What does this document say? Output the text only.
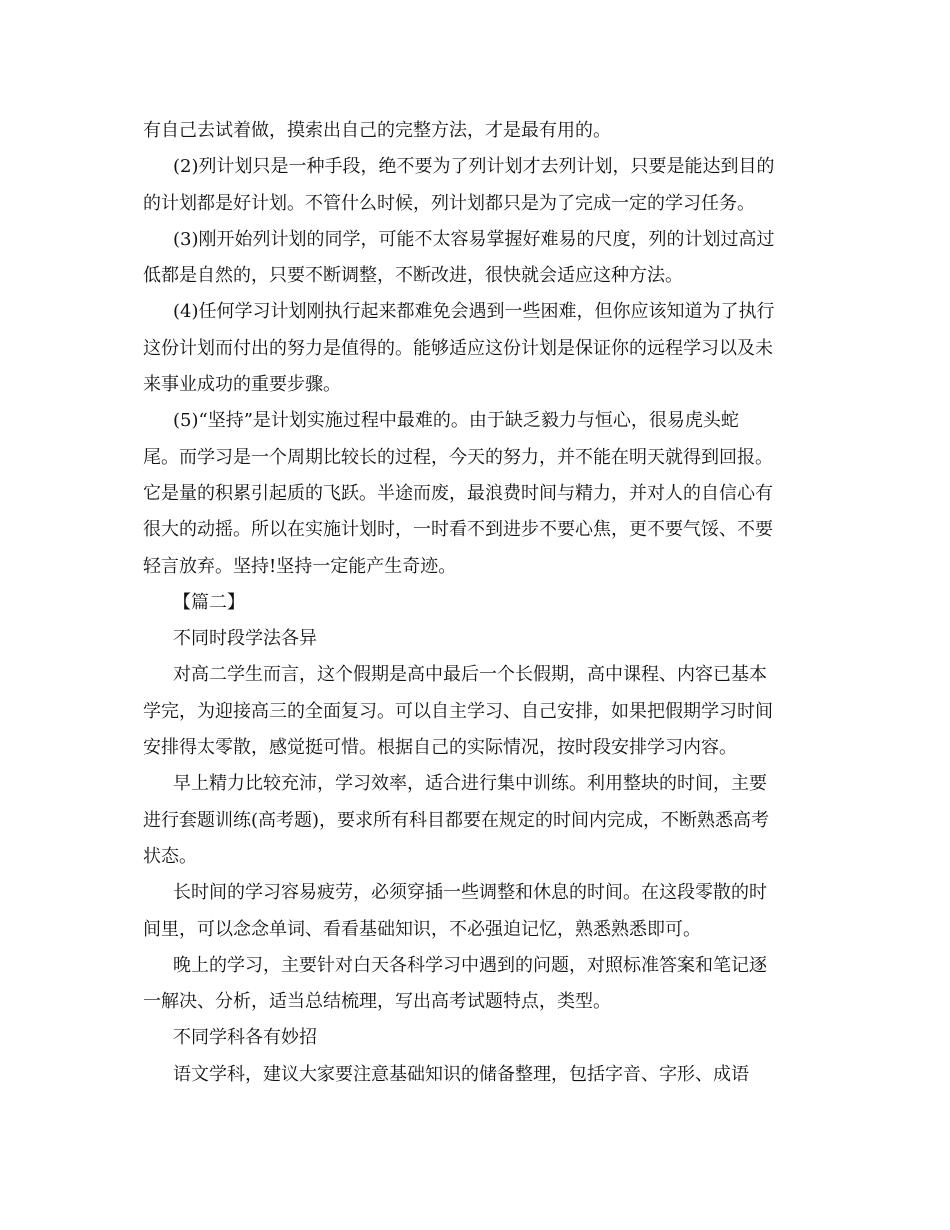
有自己去试着做，摸索出自己的完整方法，才是最有用的。
(2)列计划只是一种手段，绝不要为了列计划才去列计划，只要是能达到目的
的计划都是好计划。不管什么时候，列计划都只是为了完成一定的学习任务。
(3)刚开始列计划的同学，可能不太容易掌握好难易的尺度，列的计划过高过
低都是自然的，只要不断调整，不断改进，很快就会适应这种方法。
(4)任何学习计划刚执行起来都难免会遇到一些困难，但你应该知道为了执行
这份计划而付出的努力是值得的。能够适应这份计划是保证你的远程学习以及未
来事业成功的重要步骤。
(5)“坚持”是计划实施过程中最难的。由于缺乏毅力与恒心，很易虎头蛇
尾。而学习是一个周期比较长的过程，今天的努力，并不能在明天就得到回报。
它是量的积累引起质的飞跃。半途而废，最浪费时间与精力，并对人的自信心有
很大的动摇。所以在实施计划时，一时看不到进步不要心焦，更不要气馁、不要
轻言放弃。坚持!坚持一定能产生奇迹。
【篇二】
不同时段学法各异
对高二学生而言，这个假期是高中最后一个长假期，高中课程、内容已基本
学完，为迎接高三的全面复习。可以自主学习、自己安排，如果把假期学习时间
安排得太零散，感觉挺可惜。根据自己的实际情况，按时段安排学习内容。
早上精力比较充沛，学习效率，适合进行集中训练。利用整块的时间，主要
进行套题训练(高考题)，要求所有科目都要在规定的时间内完成，不断熟悉高考
状态。
长时间的学习容易疲劳，必须穿插一些调整和休息的时间。在这段零散的时
间里，可以念念单词、看看基础知识，不必强迫记忆，熟悉熟悉即可。
晚上的学习，主要针对白天各科学习中遇到的问题，对照标准答案和笔记逐
一解决、分析，适当总结梳理，写出高考试题特点，类型。
不同学科各有妙招
语文学科，建议大家要注意基础知识的储备整理，包括字音、字形、成语
